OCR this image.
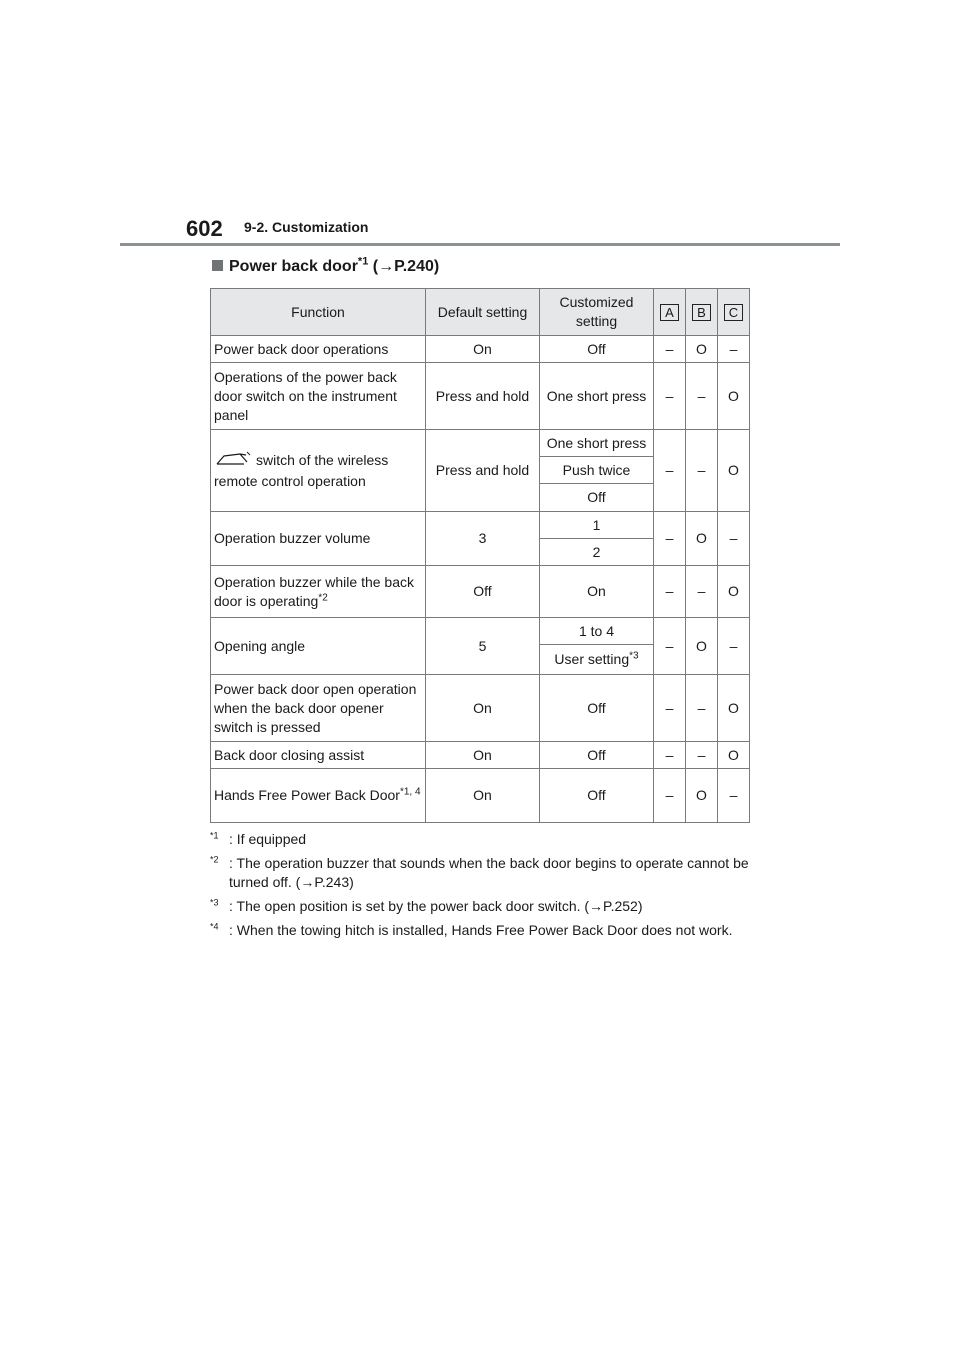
602 9-2. Customization
Power back door$^{*1}$ (→P.240)
Function	Default setting	Customized setting	A	B	C
Power back door operations	On	Off	–	O	–
Operations of the power back door switch on the instrument panel	Press and hold	One short press	–	–	O
switch of the wireless remote control operation	Press and hold	One short press	–	–	O
		Push twice			
		Off			
Operation buzzer volume	3	1	–	O	–
		2			
Operation buzzer while the back door is operating$^{*2}$	Off	On	–	–	O
Opening angle	5	1 to 4	–	O	–
		User setting$^{*3}$
Power back door open operation when the back door opener switch is pressed	On	Off	–	–	O
Back door closing assist	On	Off	–	–	O
Hands Free Power Back Door$^{*1, 4}$	On	Off	–	O	–
$^{*1}$ : If equipped
$^{*2}$ : The operation buzzer that sounds when the back door begins to operate cannot be turned off. (→P.243)
$^{*3}$ : The open position is set by the power back door switch. (→P.252)
$^{*4}$ : When the towing hitch is installed, Hands Free Power Back Door does not work.
